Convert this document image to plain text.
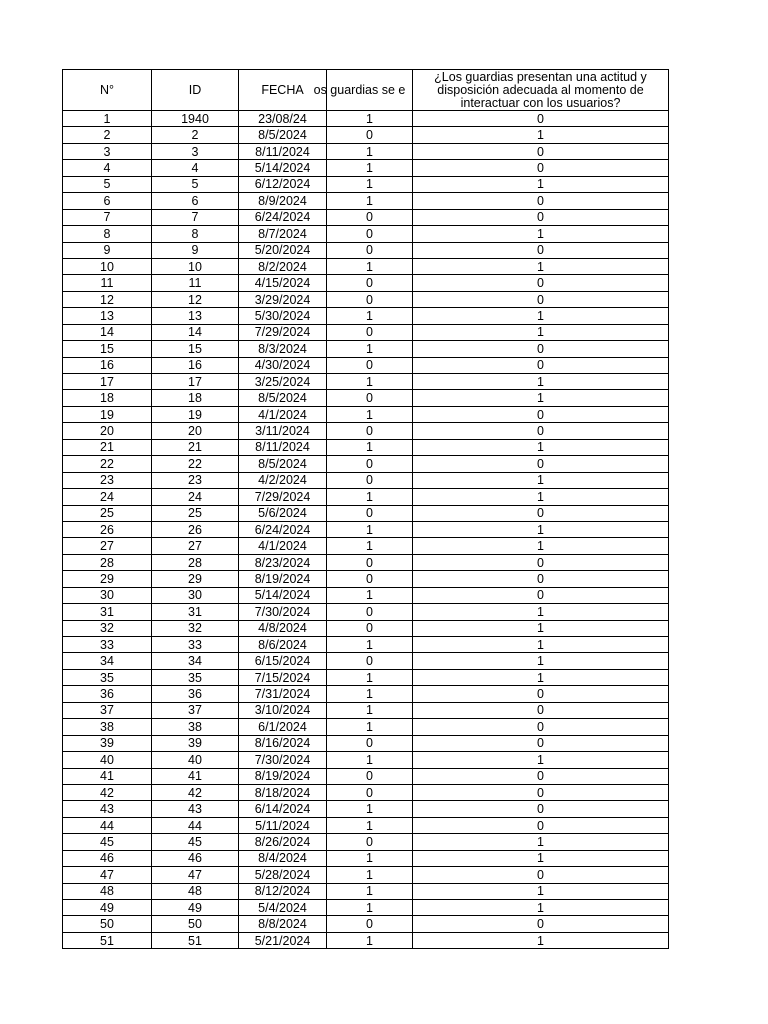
N°	ID	FECHA	os guardias se e	¿Los guardias presentan una actitud y disposición adecuada al momento de interactuar con los usuarios?
1	1940	23/08/24	1	0
2	2	8/5/2024	0	1
3	3	8/11/2024	1	0
4	4	5/14/2024	1	0
5	5	6/12/2024	1	1
6	6	8/9/2024	1	0
7	7	6/24/2024	0	0
8	8	8/7/2024	0	1
9	9	5/20/2024	0	0
10	10	8/2/2024	1	1
11	11	4/15/2024	0	0
12	12	3/29/2024	0	0
13	13	5/30/2024	1	1
14	14	7/29/2024	0	1
15	15	8/3/2024	1	0
16	16	4/30/2024	0	0
17	17	3/25/2024	1	1
18	18	8/5/2024	0	1
19	19	4/1/2024	1	0
20	20	3/11/2024	0	0
21	21	8/11/2024	1	1
22	22	8/5/2024	0	0
23	23	4/2/2024	0	1
24	24	7/29/2024	1	1
25	25	5/6/2024	0	0
26	26	6/24/2024	1	1
27	27	4/1/2024	1	1
28	28	8/23/2024	0	0
29	29	8/19/2024	0	0
30	30	5/14/2024	1	0
31	31	7/30/2024	0	1
32	32	4/8/2024	0	1
33	33	8/6/2024	1	1
34	34	6/15/2024	0	1
35	35	7/15/2024	1	1
36	36	7/31/2024	1	0
37	37	3/10/2024	1	0
38	38	6/1/2024	1	0
39	39	8/16/2024	0	0
40	40	7/30/2024	1	1
41	41	8/19/2024	0	0
42	42	8/18/2024	0	0
43	43	6/14/2024	1	0
44	44	5/11/2024	1	0
45	45	8/26/2024	0	1
46	46	8/4/2024	1	1
47	47	5/28/2024	1	0
48	48	8/12/2024	1	1
49	49	5/4/2024	1	1
50	50	8/8/2024	0	0
51	51	5/21/2024	1	1
